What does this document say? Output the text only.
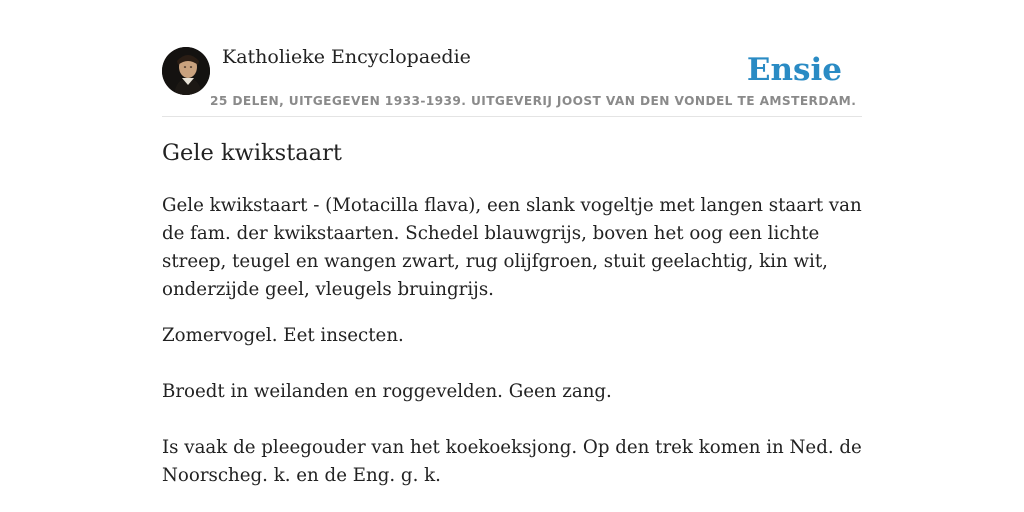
Katholieke Encyclopaedie
25 DELEN, UITGEGEVEN 1933-1939. UITGEVERIJ JOOST VAN DEN VONDEL TE AMSTERDAM.
Ensie
Gele kwikstaart

Gele kwikstaart - (Motacilla flava), een slank vogeltje met langen staart van de fam. der kwikstaarten. Schedel blauwgrijs, boven het oog een lichte streep, teugel en wangen zwart, rug olijfgroen, stuit geelachtig, kin wit, onderzijde geel, vleugels bruingrijs.

Zomervogel. Eet insecten.

Broedt in weilanden en roggevelden. Geen zang.

Is vaak de pleegouder van het koekoeksjong. Op den trek komen in Ned. de Noorscheg. k. en de Eng. g. k.
